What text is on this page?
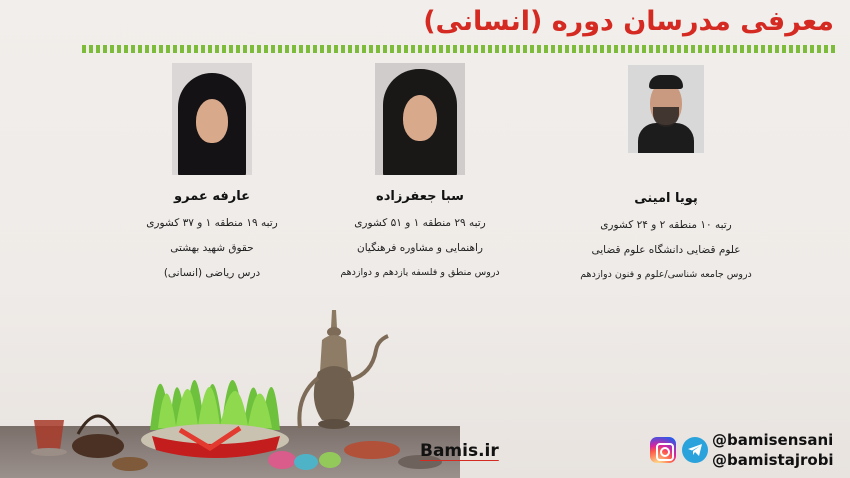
معرفی مدرسان دوره (انسانی)
پویا امینی
رتبه ۱۰ منطقه ۲ و ۲۴ کشوری
علوم قضایی دانشگاه علوم قضایی
دروس جامعه شناسی/علوم و فنون دوازدهم
سبا جعفرزاده
رتبه ۲۹ منطقه ۱ و ۵۱ کشوری
راهنمایی و مشاوره فرهنگیان
دروس منطق و فلسفه یازدهم و دوازدهم
عارفه عمرو
رتبه ۱۹ منطقه ۱ و ۳۷ کشوری
حقوق شهید بهشتی
درس ریاضی (انسانی)
Bamis.ir
@bamisensani
@bamistajrobi
